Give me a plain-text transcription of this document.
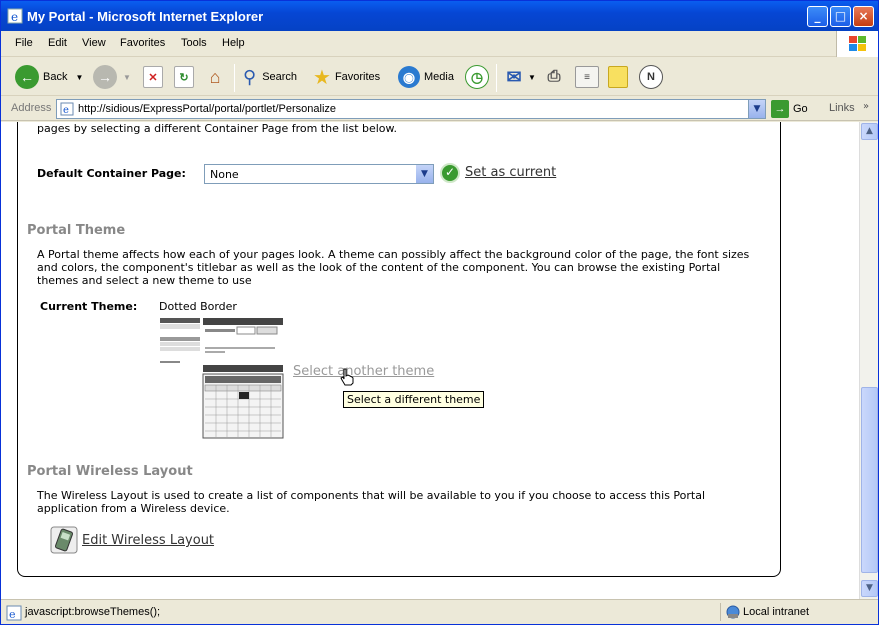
e My Portal - Microsoft Internet Explorer	_	□	×
File Edit View Favorites Tools Help
← Back ▼	→	▼	✕	↻ ⌂ ⚲ Search ★ Favorites	◉ Media	◷	✉ ▼ ⎙	≡	N
Address e http://sidious/ExpressPortal/portal/portlet/Personalize	▼	→ Go Links »
pages by selecting a different Container Page from the list below.
Default Container Page: None	▼	✓ Set as current
Portal Theme

A Portal theme affects how each of your pages look. A theme can possibly affect the background color of the page, the font sizes and colors, the component's titlebar as well as the look of the content of the component. You can browse the existing Portal themes and select a new theme to use

Current Theme: Dotted Border
Select another theme
Select a different theme
Portal Wireless Layout

The Wireless Layout is used to create a list of components that will be available to you if you choose to access this Portal application from a Wireless device.

Edit Wireless Layout
▲
▼
e javascript:browseThemes();	Local intranet
